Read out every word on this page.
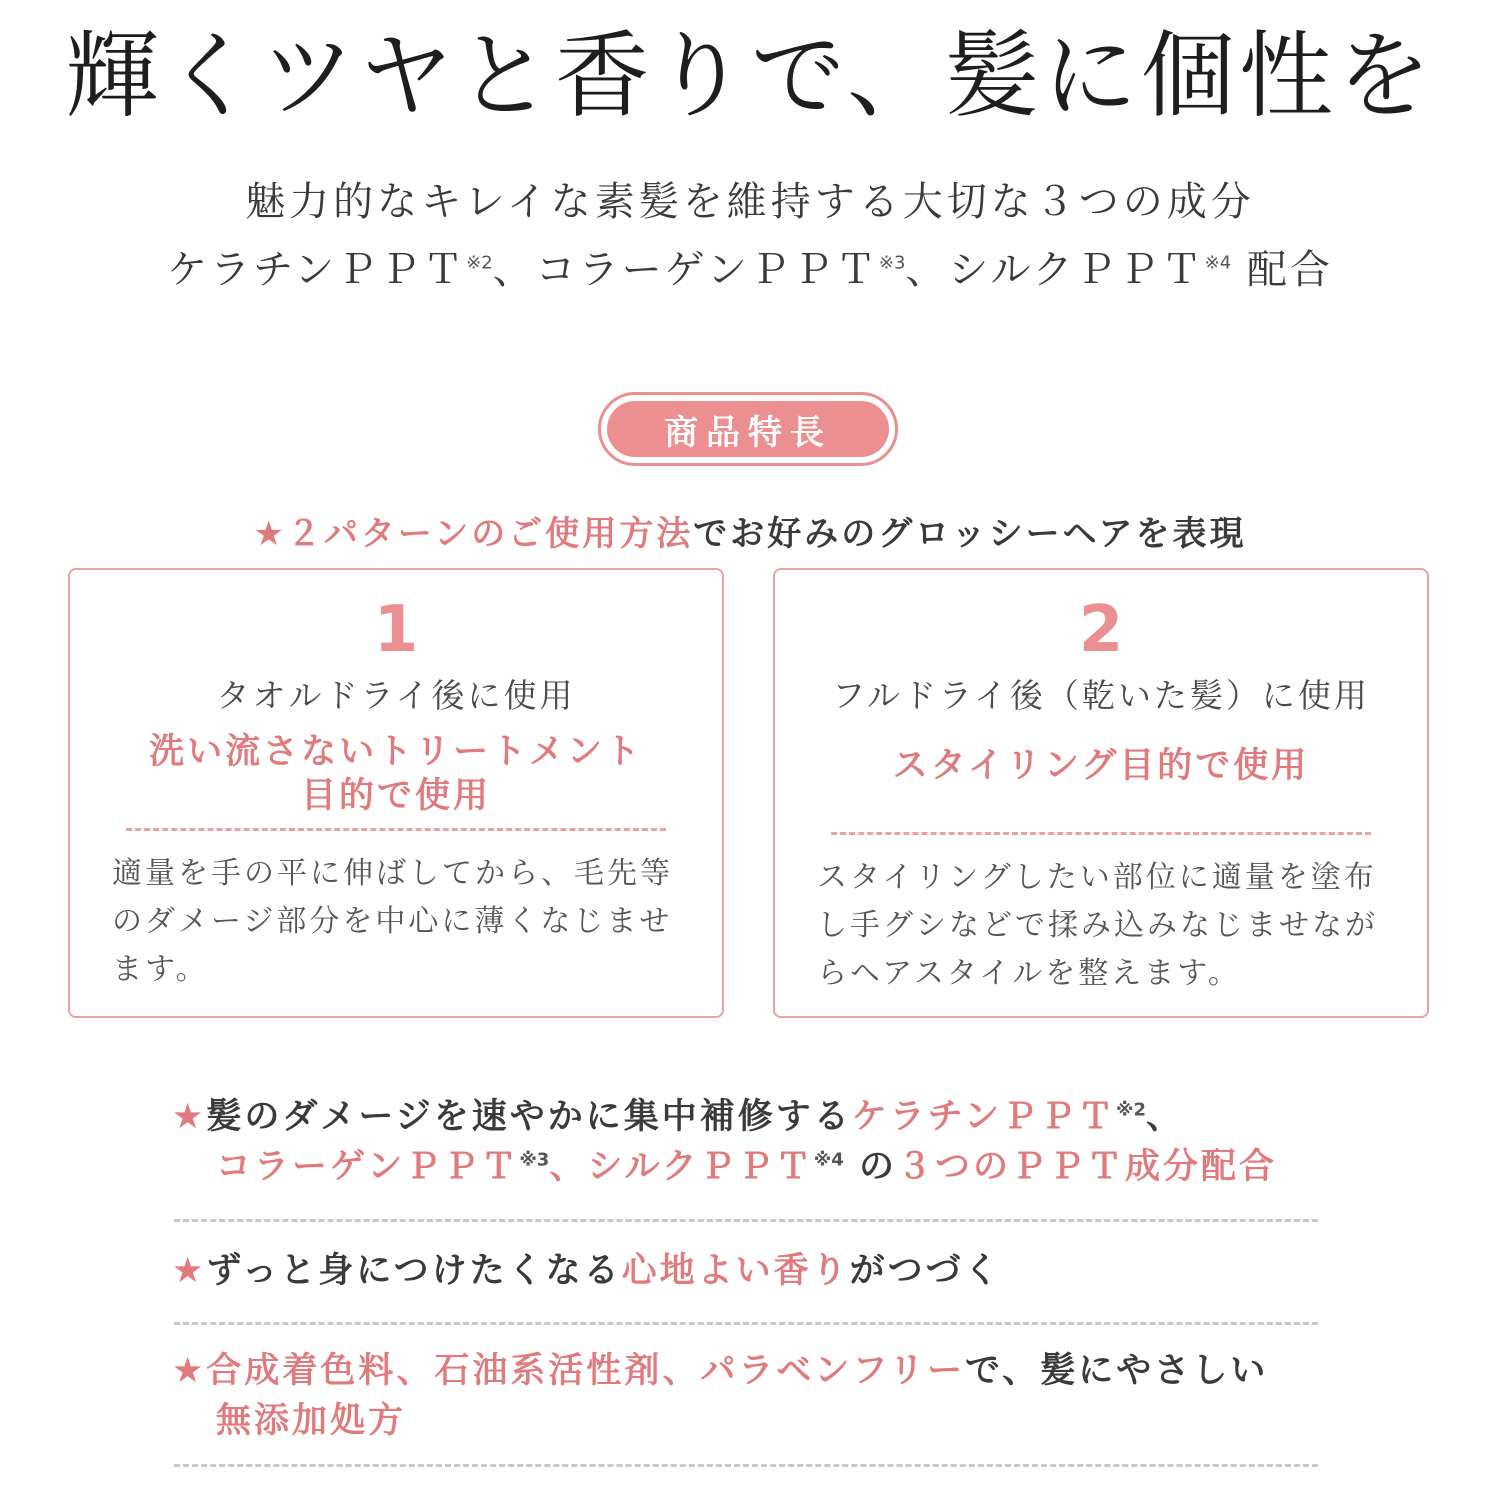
輝くツヤと香りで、髪に個性を
魅力的なキレイな素髪を維持する大切な３つの成分
ケラチンＰＰＴ$^{※2}$、コラーゲンＰＰＴ$^{※3}$、シルクＰＰＴ$^{※4}$ 配合
商品特長
★２パターンのご使用方法でお好みのグロッシーヘアを表現
1
タオルドライ後に使用
洗い流さないトリートメント
目的で使用
適量を手の平に伸ばしてから、毛先等のダメージ部分を中心に薄くなじませます。
2
フルドライ後（乾いた髪）に使用
スタイリング目的で使用
スタイリングしたい部位に適量を塗布し手グシなどで揉み込みなじませながらヘアスタイルを整えます。
★髪のダメージを速やかに集中補修するケラチンＰＰＴ$^{※2}$、
コラーゲンＰＰＴ$^{※3}$、シルクＰＰＴ$^{※4}$ の３つのＰＰＴ成分配合
★ずっと身につけたくなる心地よい香りがつづく
★合成着色料、石油系活性剤、パラベンフリーで、髪にやさしい
無添加処方
